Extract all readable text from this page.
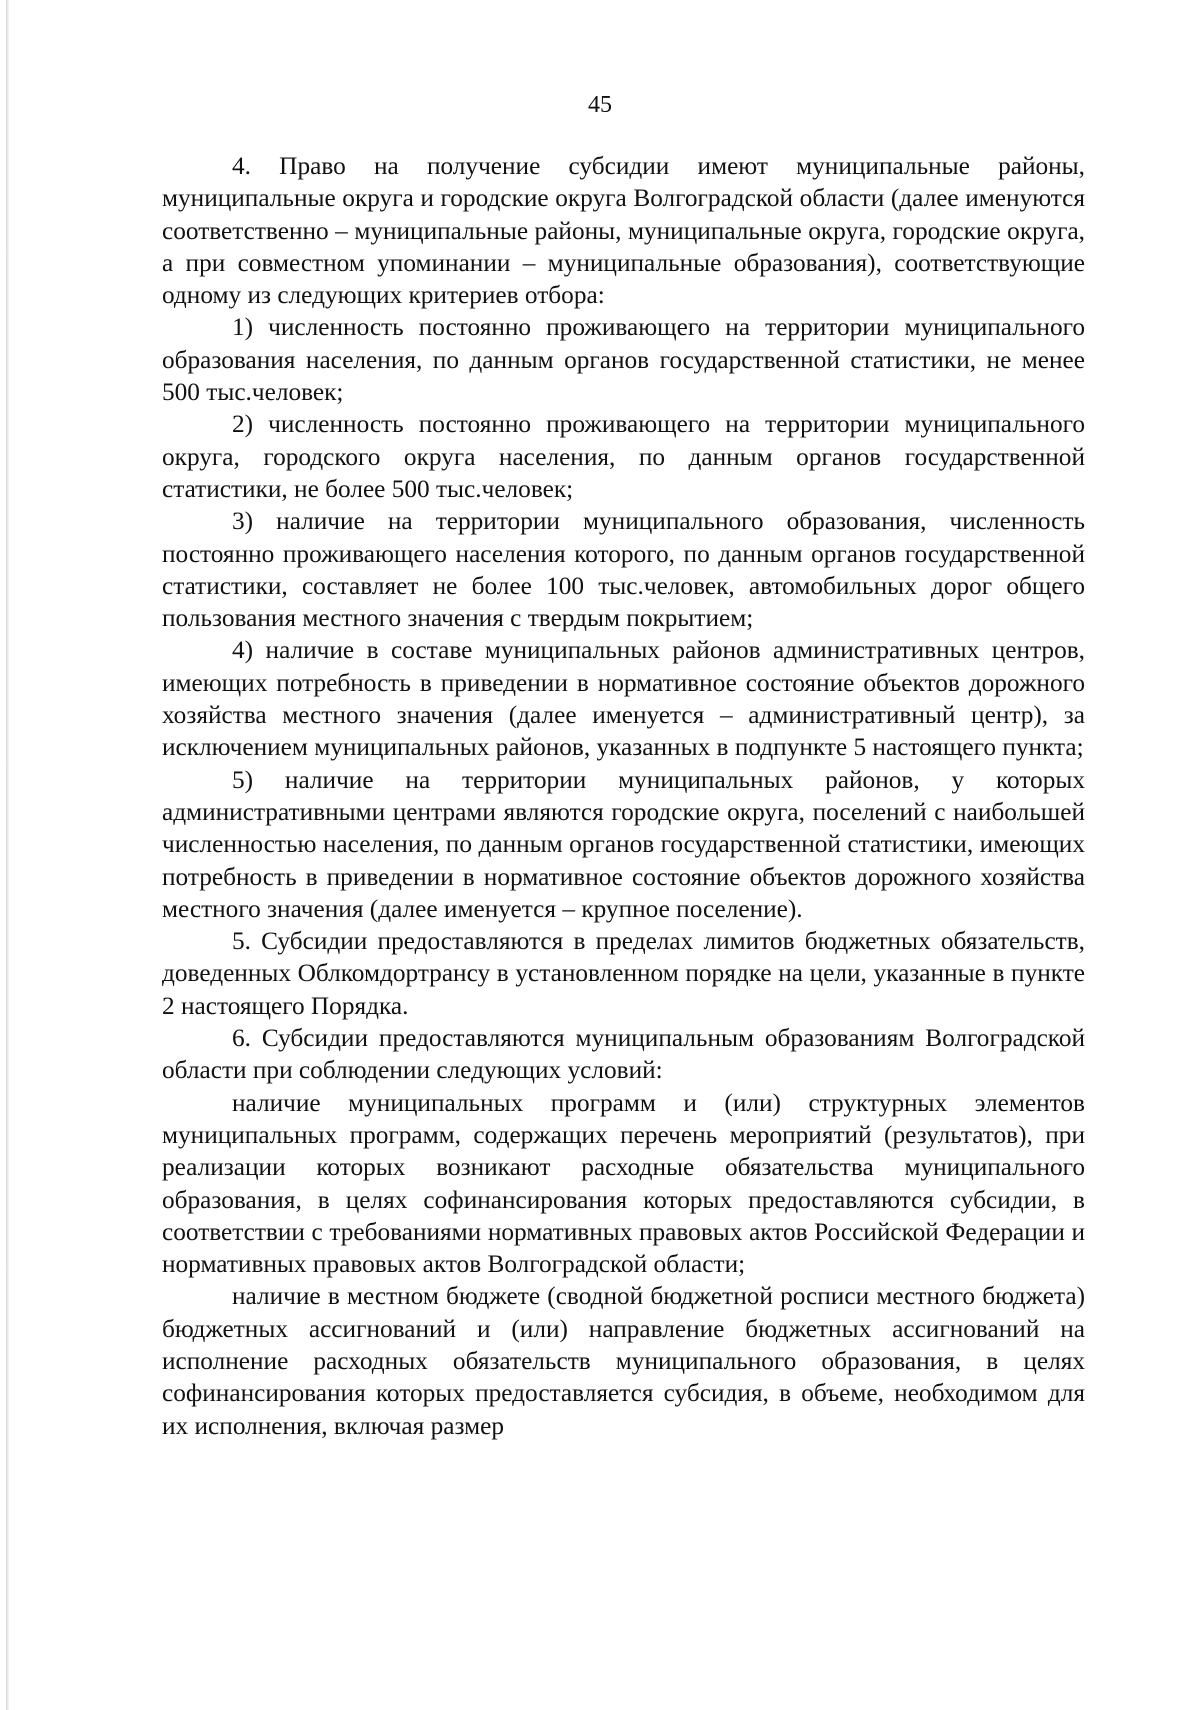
45

4. Право на получение субсидии имеют муниципальные районы, муниципальные округа и городские округа Волгоградской области (далее именуются соответственно – муниципальные районы, муниципальные округа, городские округа, а при совместном упоминании – муниципальные образования), соответствующие одному из следующих критериев отбора:

1) численность постоянно проживающего на территории муниципального образования населения, по данным органов государственной статистики, не менее 500 тыс.человек;

2) численность постоянно проживающего на территории муниципального округа, городского округа населения, по данным органов государственной статистики, не более 500 тыс.человек;

3) наличие на территории муниципального образования, численность постоянно проживающего населения которого, по данным органов государственной статистики, составляет не более 100 тыс.человек, автомобильных дорог общего пользования местного значения с твердым покрытием;

4) наличие в составе муниципальных районов административных центров, имеющих потребность в приведении в нормативное состояние объектов дорожного хозяйства местного значения (далее именуется – административный центр), за исключением муниципальных районов, указанных в подпункте 5 настоящего пункта;

5) наличие на территории муниципальных районов, у которых административными центрами являются городские округа, поселений с наибольшей численностью населения, по данным органов государственной статистики, имеющих потребность в приведении в нормативное состояние объектов дорожного хозяйства местного значения (далее именуется – крупное поселение).

5. Субсидии предоставляются в пределах лимитов бюджетных обязательств, доведенных Облкомдортрансу в установленном порядке на цели, указанные в пункте 2 настоящего Порядка.

6. Субсидии предоставляются муниципальным образованиям Волгоградской области при соблюдении следующих условий:

наличие муниципальных программ и (или) структурных элементов муниципальных программ, содержащих перечень мероприятий (результатов), при реализации которых возникают расходные обязательства муниципального образования, в целях софинансирования которых предоставляются субсидии, в соответствии с требованиями нормативных правовых актов Российской Федерации и нормативных правовых актов Волгоградской области;

наличие в местном бюджете (сводной бюджетной росписи местного бюджета) бюджетных ассигнований и (или) направление бюджетных ассигнований на исполнение расходных обязательств муниципального образования, в целях софинансирования которых предоставляется субсидия, в объеме, необходимом для их исполнения, включая размер
